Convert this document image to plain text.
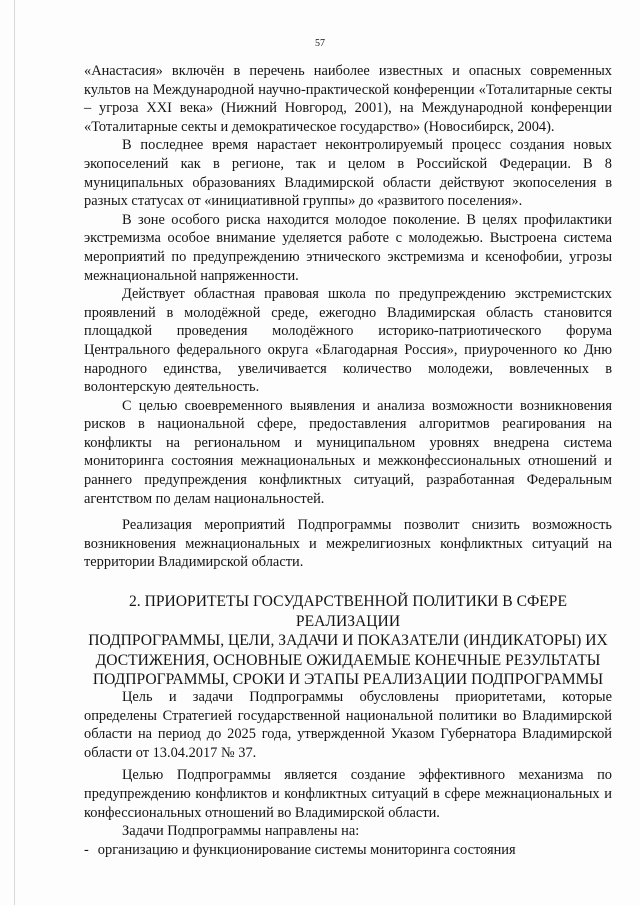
57

«Анастасия» включён в перечень наиболее известных и опасных современных культов на Международной научно-практической конференции «Тоталитарные секты – угроза XXI века» (Нижний Новгород, 2001), на Международной конференции «Тоталитарные секты и демократическое государство» (Новосибирск, 2004).

В последнее время нарастает неконтролируемый процесс создания новых экопоселений как в регионе, так и целом в Российской Федерации. В 8 муниципальных образованиях Владимирской области действуют экопоселения в разных статусах от «инициативной группы» до «развитого поселения».

В зоне особого риска находится молодое поколение. В целях профилактики экстремизма особое внимание уделяется работе с молодежью. Выстроена система мероприятий по предупреждению этнического экстремизма и ксенофобии, угрозы межнациональной напряженности.

Действует областная правовая школа по предупреждению экстремистских проявлений в молодёжной среде, ежегодно Владимирская область становится площадкой проведения молодёжного историко-патриотического форума Центрального федерального округа «Благодарная Россия», приуроченного ко Дню народного единства, увеличивается количество молодежи, вовлеченных в волонтерскую деятельность.

С целью своевременного выявления и анализа возможности возникновения рисков в национальной сфере, предоставления алгоритмов реагирования на конфликты на региональном и муниципальном уровнях внедрена система мониторинга состояния межнациональных и межконфессиональных отношений и раннего предупреждения конфликтных ситуаций, разработанная Федеральным агентством по делам национальностей.

Реализация мероприятий Подпрограммы позволит снизить возможность возникновения межнациональных и межрелигиозных конфликтных ситуаций на территории Владимирской области.

2. ПРИОРИТЕТЫ ГОСУДАРСТВЕННОЙ ПОЛИТИКИ В СФЕРЕ РЕАЛИЗАЦИИ
ПОДПРОГРАММЫ, ЦЕЛИ, ЗАДАЧИ И ПОКАЗАТЕЛИ (ИНДИКАТОРЫ) ИХ
ДОСТИЖЕНИЯ, ОСНОВНЫЕ ОЖИДАЕМЫЕ КОНЕЧНЫЕ РЕЗУЛЬТАТЫ
ПОДПРОГРАММЫ, СРОКИ И ЭТАПЫ РЕАЛИЗАЦИИ ПОДПРОГРАММЫ

Цель и задачи Подпрограммы обусловлены приоритетами, которые определены Стратегией государственной национальной политики во Владимирской области на период до 2025 года, утвержденной Указом Губернатора Владимирской области от 13.04.2017 № 37.

Целью Подпрограммы является создание эффективного механизма по предупреждению конфликтов и конфликтных ситуаций в сфере межнациональных и конфессиональных отношений во Владимирской области.

Задачи Подпрограммы направлены на:

- организацию и функционирование системы мониторинга состояния
